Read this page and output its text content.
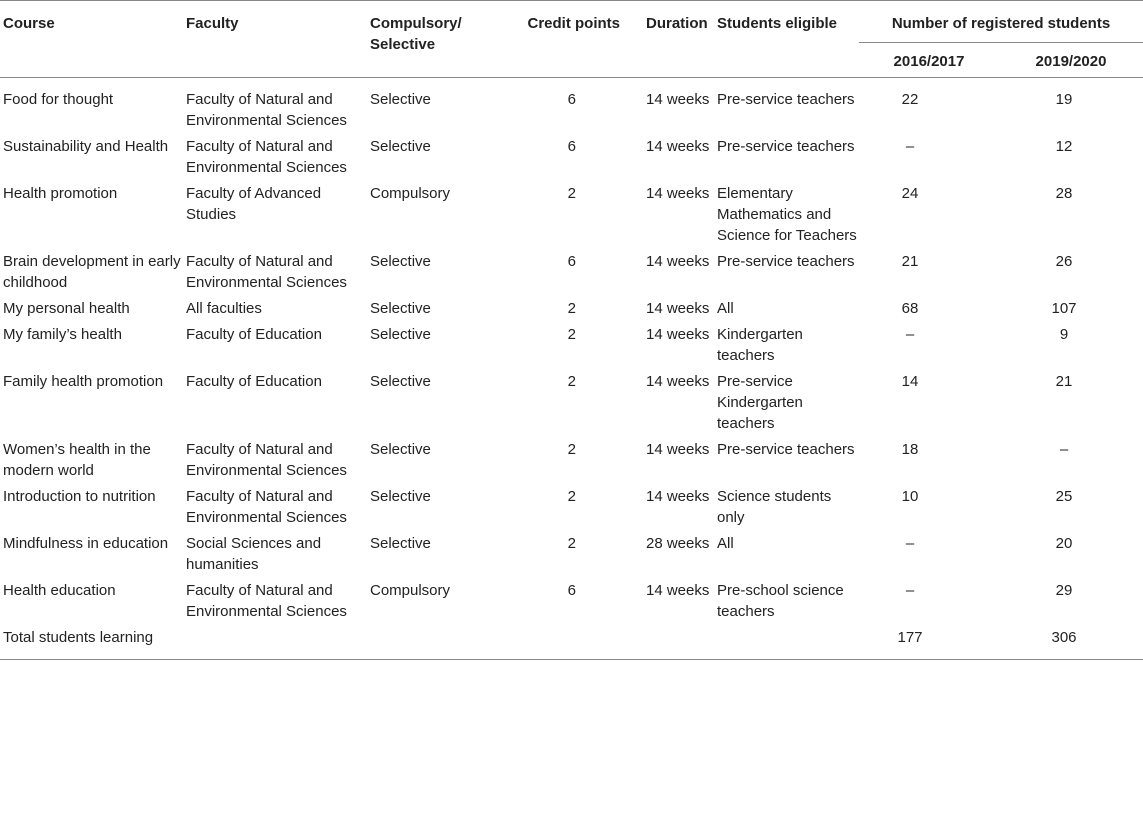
Course	Faculty	Compulsory/ Selective	Credit points	Duration	Students eligible	Number of registered students	
						2016/2017	2019/2020
Food for thought	Faculty of Natural and Environmental Sciences	Selective	6	14 weeks	Pre-service teachers	22	19
Sustainability and Health	Faculty of Natural and Environmental Sciences	Selective	6	14 weeks	Pre-service teachers	–	12
Health promotion	Faculty of Advanced Studies	Compulsory	2	14 weeks	Elementary Mathematics and Science for Teachers	24	28
Brain development in early childhood	Faculty of Natural and Environmental Sciences	Selective	6	14 weeks	Pre-service teachers	21	26
My personal health	All faculties	Selective	2	14 weeks	All	68	107
My family’s health	Faculty of Education	Selective	2	14 weeks	Kindergarten teachers	–	9
Family health promotion	Faculty of Education	Selective	2	14 weeks	Pre-service Kindergarten teachers	14	21
Women’s health in the modern world	Faculty of Natural and Environmental Sciences	Selective	2	14 weeks	Pre-service teachers	18	–
Introduction to nutrition	Faculty of Natural and Environmental Sciences	Selective	2	14 weeks	Science students only	10	25
Mindfulness in education	Social Sciences and humanities	Selective	2	28 weeks	All	–	20
Health education	Faculty of Natural and Environmental Sciences	Compulsory	6	14 weeks	Pre-school science teachers	–	29
Total students learning						177	306
